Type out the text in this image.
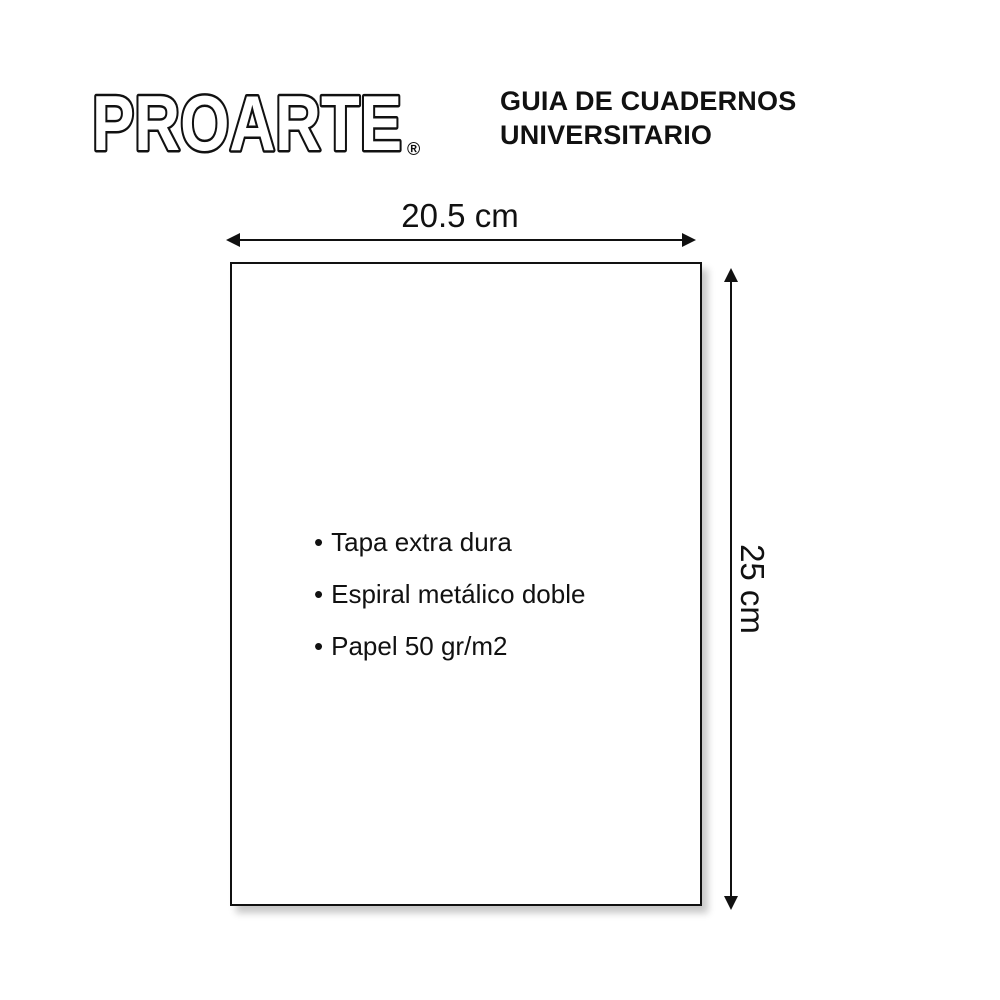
PROARTE ®
GUIA DE CUADERNOS
UNIVERSITARIO
20.5 cm
• Tapa extra dura
• Espiral metálico doble
• Papel 50 gr/m2
25 cm
